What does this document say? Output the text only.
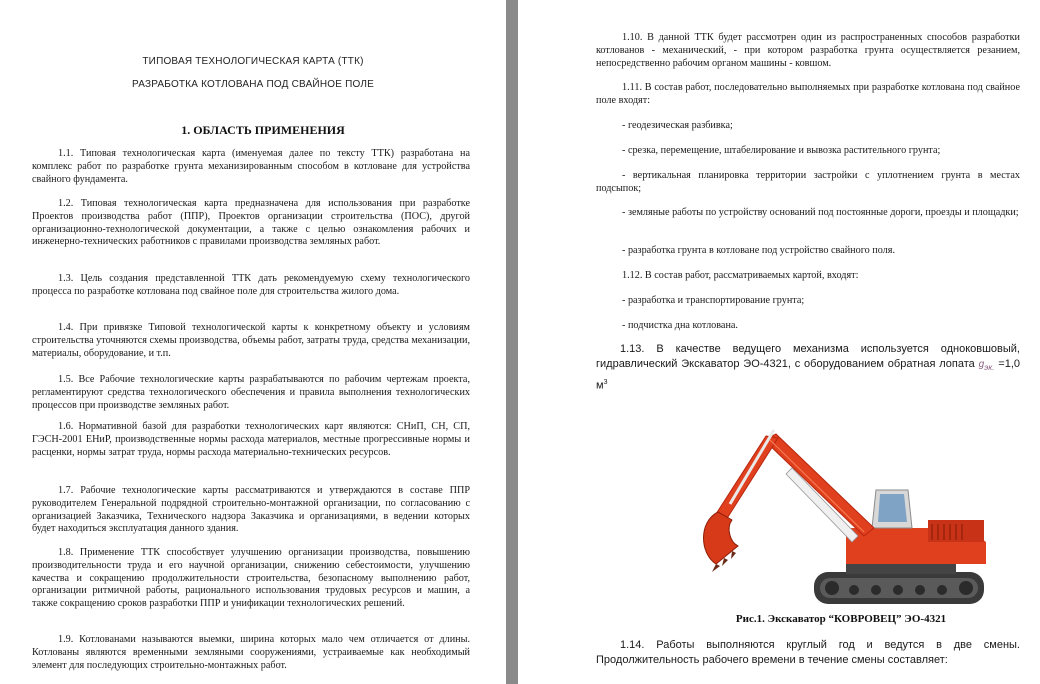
ТИПОВАЯ ТЕХНОЛОГИЧЕСКАЯ КАРТА (ТТК)
РАЗРАБОТКА КОТЛОВАНА ПОД СВАЙНОЕ ПОЛЕ
1. ОБЛАСТЬ ПРИМЕНЕНИЯ

1.1. Типовая технологическая карта (именуемая далее по тексту ТТК) разработана на комплекс работ по разработке грунта механизированным способом в котловане для устройства свайного фундамента.

1.2. Типовая технологическая карта предназначена для использования при разработке Проектов производства работ (ППР), Проектов организации строительства (ПОС), другой организационно-технологической документации, а также с целью ознакомления рабочих и инженерно-технических работников с правилами производства земляных работ.

1.3. Цель создания представленной ТТК дать рекомендуемую схему технологического процесса по разработке котлована под свайное поле для строительства жилого дома.

1.4. При привязке Типовой технологической карты к конкретному объекту и условиям строительства уточняются схемы производства, объемы работ, затраты труда, средства механизации, материалы, оборудование, и т.п.

1.5. Все Рабочие технологические карты разрабатываются по рабочим чертежам проекта, регламентируют средства технологического обеспечения и правила выполнения технологических процессов при производстве земляных работ.

1.6. Нормативной базой для разработки технологических карт являются: СНиП, СН, СП, ГЭСН-2001 ЕНиР, производственные нормы расхода материалов, местные прогрессивные нормы и расценки, нормы затрат труда, нормы расхода материально-технических ресурсов.

1.7. Рабочие технологические карты рассматриваются и утверждаются в составе ППР руководителем Генеральной подрядной строительно-монтажной организации, по согласованию с организацией Заказчика, Технического надзора Заказчика и организациями, в ведении которых будет находиться эксплуатация данного здания.

1.8. Применение ТТК способствует улучшению организации производства, повышению производительности труда и его научной организации, снижению себестоимости, улучшению качества и сокращению продолжительности строительства, безопасному выполнению работ, организации ритмичной работы, рационального использования трудовых ресурсов и машин, а также сокращению сроков разработки ППР и унификации технологических решений.

1.9. Котлованами называются выемки, ширина которых мало чем отличается от длины. Котлованы являются временными земляными сооружениями, устраиваемые как необходимый элемент для последующих строительно-монтажных работ.

1.10. В данной ТТК будет рассмотрен один из распространенных способов разработки котлованов - механический, - при котором разработка грунта осуществляется резанием, непосредственно рабочим органом машины - ковшом.

1.11. В состав работ, последовательно выполняемых при разработке котлована под свайное поле входят:

- геодезическая разбивка;

- срезка, перемещение, штабелирование и вывозка растительного грунта;

- вертикальная планировка территории застройки с уплотнением грунта в местах подсыпок;

- земляные работы по устройству оснований под постоянные дороги, проезды и площадки;

- разработка грунта в котловане под устройство свайного поля.

1.12. В состав работ, рассматриваемых картой, входят:

- разработка и транспортирование грунта;

- подчистка дна котлована.

1.13. В качестве ведущего механизма используется одноковшовый, гидравлический Экскаватор ЭО-4321, с оборудованием обратная лопата $g_{эк.} =1,0$ $м^3$

Рис.1. Экскаватор “КОВРОВЕЦ” ЭО-4321

1.14. Работы выполняются круглый год и ведутся в две смены. Продолжительность рабочего времени в течение смены составляет:
